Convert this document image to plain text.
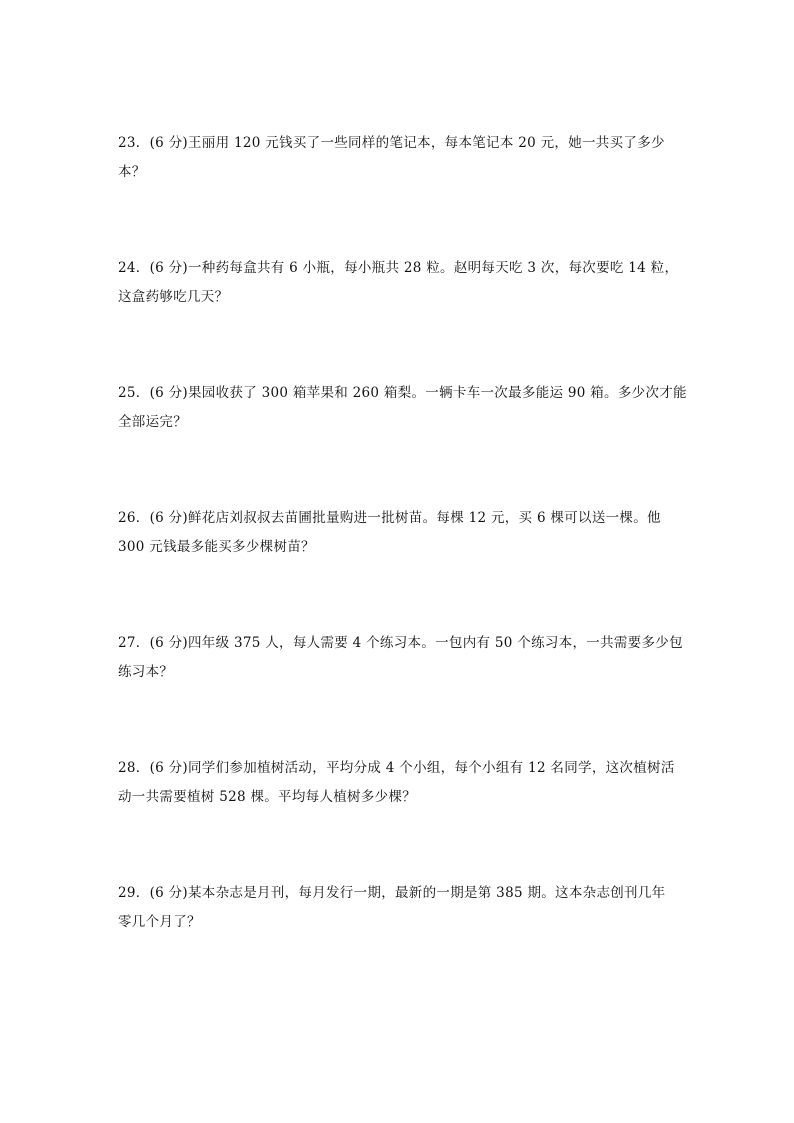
23．(6 分)王丽用 120 元钱买了一些同样的笔记本，每本笔记本 20 元，她一共买了多少
本？
24．(6 分)一种药每盒共有 6 小瓶，每小瓶共 28 粒。赵明每天吃 3 次，每次要吃 14 粒，
这盒药够吃几天？
25．(6 分)果园收获了 300 箱苹果和 260 箱梨。一辆卡车一次最多能运 90 箱。多少次才能
全部运完？
26．(6 分)鲜花店刘叔叔去苗圃批量购进一批树苗。每棵 12 元，买 6 棵可以送一棵。他
300 元钱最多能买多少棵树苗？
27．(6 分)四年级 375 人，每人需要 4 个练习本。一包内有 50 个练习本，一共需要多少包
练习本？
28．(6 分)同学们参加植树活动，平均分成 4 个小组，每个小组有 12 名同学，这次植树活
动一共需要植树 528 棵。平均每人植树多少棵？
29．(6 分)某本杂志是月刊，每月发行一期，最新的一期是第 385 期。这本杂志创刊几年
零几个月了？
